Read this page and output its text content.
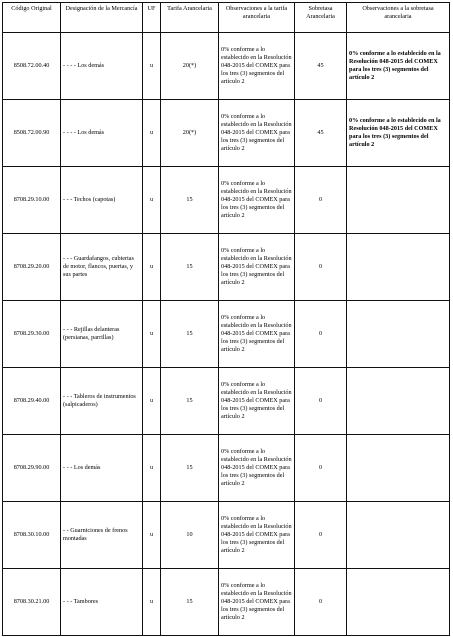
Código Original	Designación de la Mercancía	UF	Tarifa Arancelaria	Observaciones a la tarifa arancelaria	Sobretasa Arancelaria	Observaciones a la sobretasa arancelaria
8508.72.00.40	- - - - Los demás	u	20(*)	0% conforme a lo establecido en la Resolución 048-2015 del COMEX para los tres (3) segmentos del artículo 2	45	0% conforme a lo establecido en la Resolución 048-2015 del COMEX para los tres (3) segmentos del artículo 2
8508.72.00.90	- - - - Los demás	u	20(*)	0% conforme a lo establecido en la Resolución 048-2015 del COMEX para los tres (3) segmentos del artículo 2	45	0% conforme a lo establecido en la Resolución 048-2015 del COMEX para los tres (3) segmentos del artículo 2
8708.29.10.00	- - - Techos (capotas)	u	15	0% conforme a lo establecido en la Resolución 048-2015 del COMEX para los tres (3) segmentos del artículo 2	0	
8708.29.20.00	- - - Guardafangos, cubiertas de motor, flancos, puertas, y sus partes	u	15	0% conforme a lo establecido en la Resolución 048-2015 del COMEX para los tres (3) segmentos del artículo 2	0	
8708.29.30.00	- - - Rejillas delanteras (persianas, parrillas)	u	15	0% conforme a lo establecido en la Resolución 048-2015 del COMEX para los tres (3) segmentos del artículo 2	0	
8708.29.40.00	- - - Tableros de instrumentos (salpicaderos)	u	15	0% conforme a lo establecido en la Resolución 048-2015 del COMEX para los tres (3) segmentos del artículo 2	0	
8708.29.90.00	- - - Los demás	u	15	0% conforme a lo establecido en la Resolución 048-2015 del COMEX para los tres (3) segmentos del artículo 2	0	
8708.30.10.00	- - Guarniciones de frenos montadas	u	10	0% conforme a lo establecido en la Resolución 048-2015 del COMEX para los tres (3) segmentos del artículo 2	0	
8708.30.21.00	- - - Tambores	u	15	0% conforme a lo establecido en la Resolución 048-2015 del COMEX para los tres (3) segmentos del artículo 2	0	
